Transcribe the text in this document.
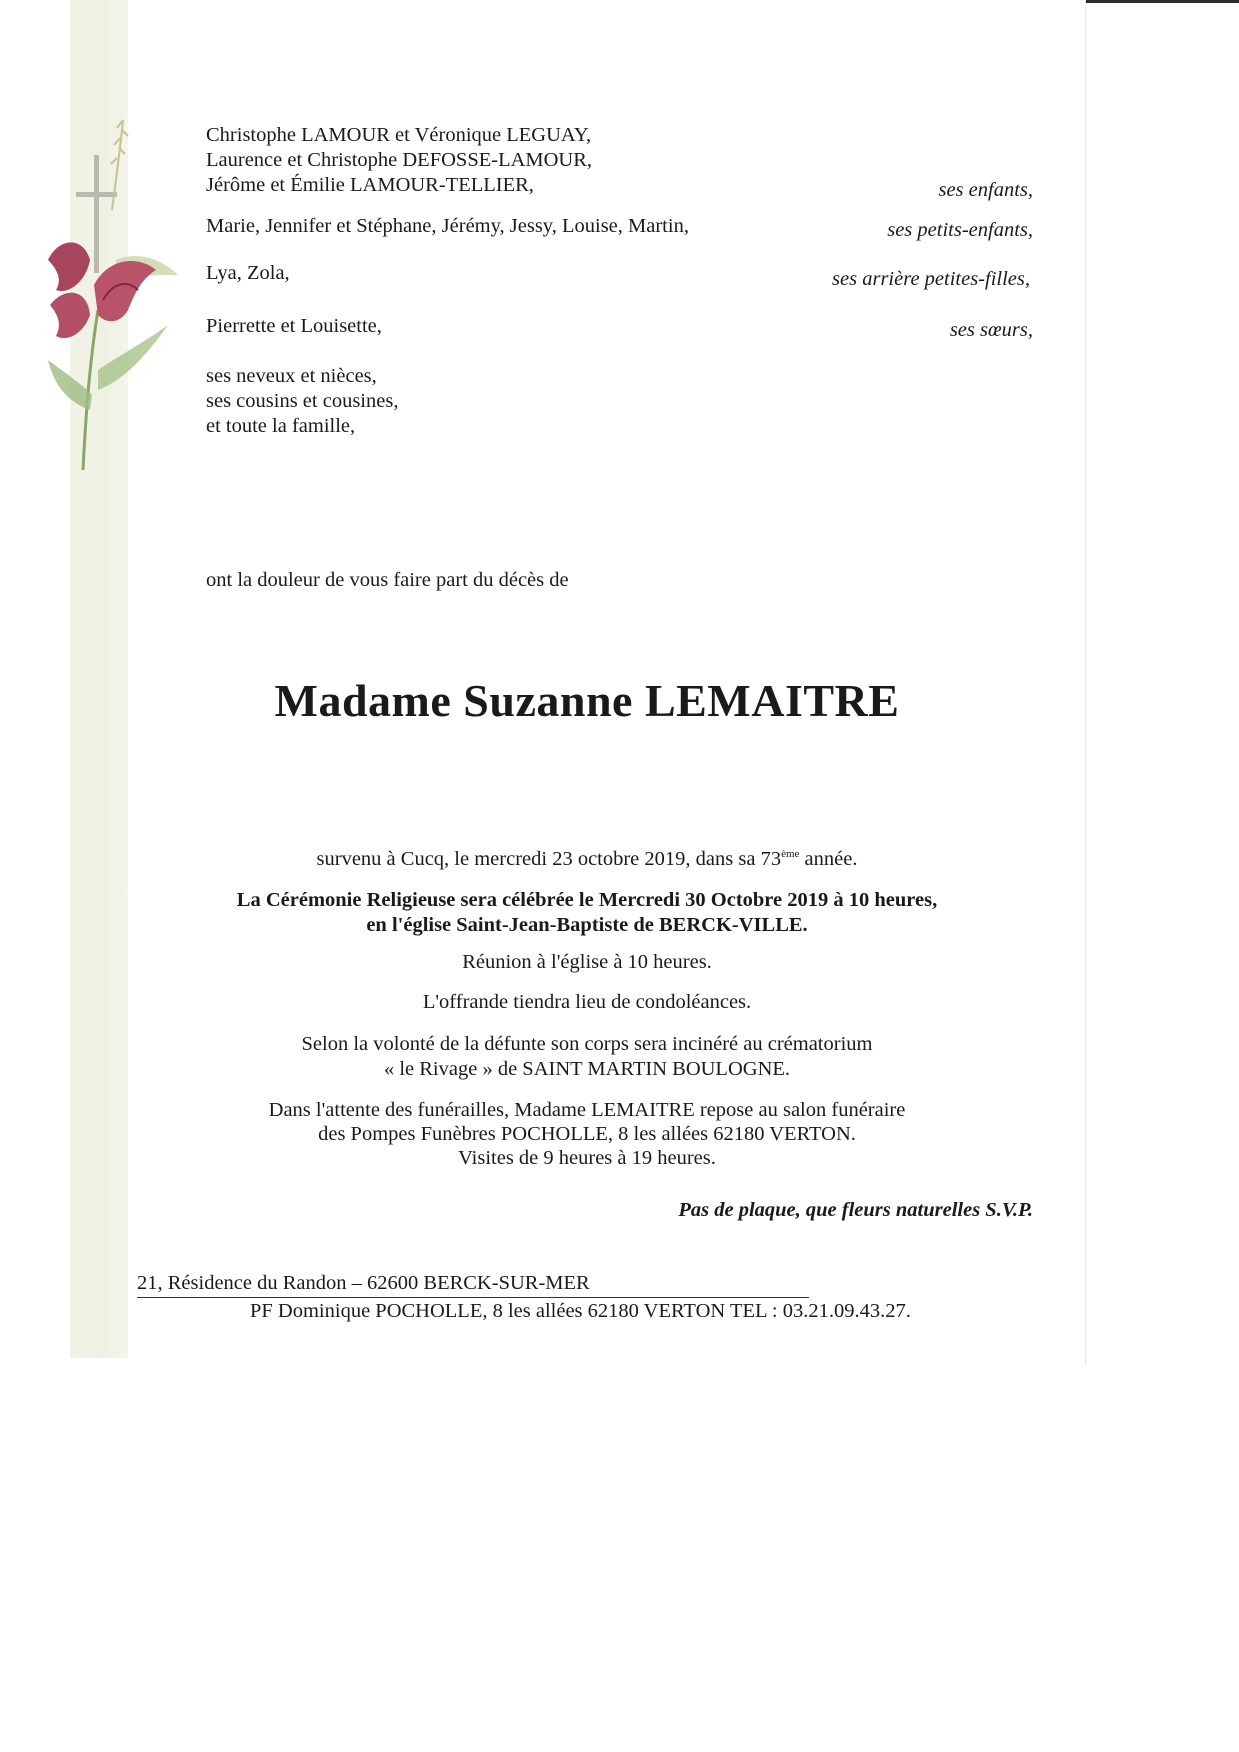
Christophe LAMOUR et Véronique LEGUAY,
Laurence et Christophe DEFOSSE-LAMOUR,
Jérôme et Émilie LAMOUR-TELLIER,	ses enfants,
Marie, Jennifer et Stéphane, Jérémy, Jessy, Louise, Martin,	ses petits-enfants,
Lya, Zola,	ses arrière petites-filles,
Pierrette et Louisette,	ses sœurs,
ses neveux et nièces,
ses cousins et cousines,
et toute la famille,
ont la douleur de vous faire part du décès de
Madame Suzanne LEMAITRE
survenu à Cucq, le mercredi 23 octobre 2019, dans sa 73ème année.
La Cérémonie Religieuse sera célébrée le Mercredi 30 Octobre 2019 à 10 heures,
en l'église Saint-Jean-Baptiste de BERCK-VILLE.
Réunion à l'église à 10 heures.
L'offrande tiendra lieu de condoléances.
Selon la volonté de la défunte son corps sera incinéré au crématorium
« le Rivage » de SAINT MARTIN BOULOGNE.
Dans l'attente des funérailles, Madame LEMAITRE repose au salon funéraire
des Pompes Funèbres POCHOLLE, 8 les allées 62180 VERTON.
Visites de 9 heures à 19 heures.
Pas de plaque, que fleurs naturelles S.V.P.
21, Résidence du Randon – 62600 BERCK-SUR-MER
PF Dominique POCHOLLE, 8 les allées 62180 VERTON TEL : 03.21.09.43.27.
